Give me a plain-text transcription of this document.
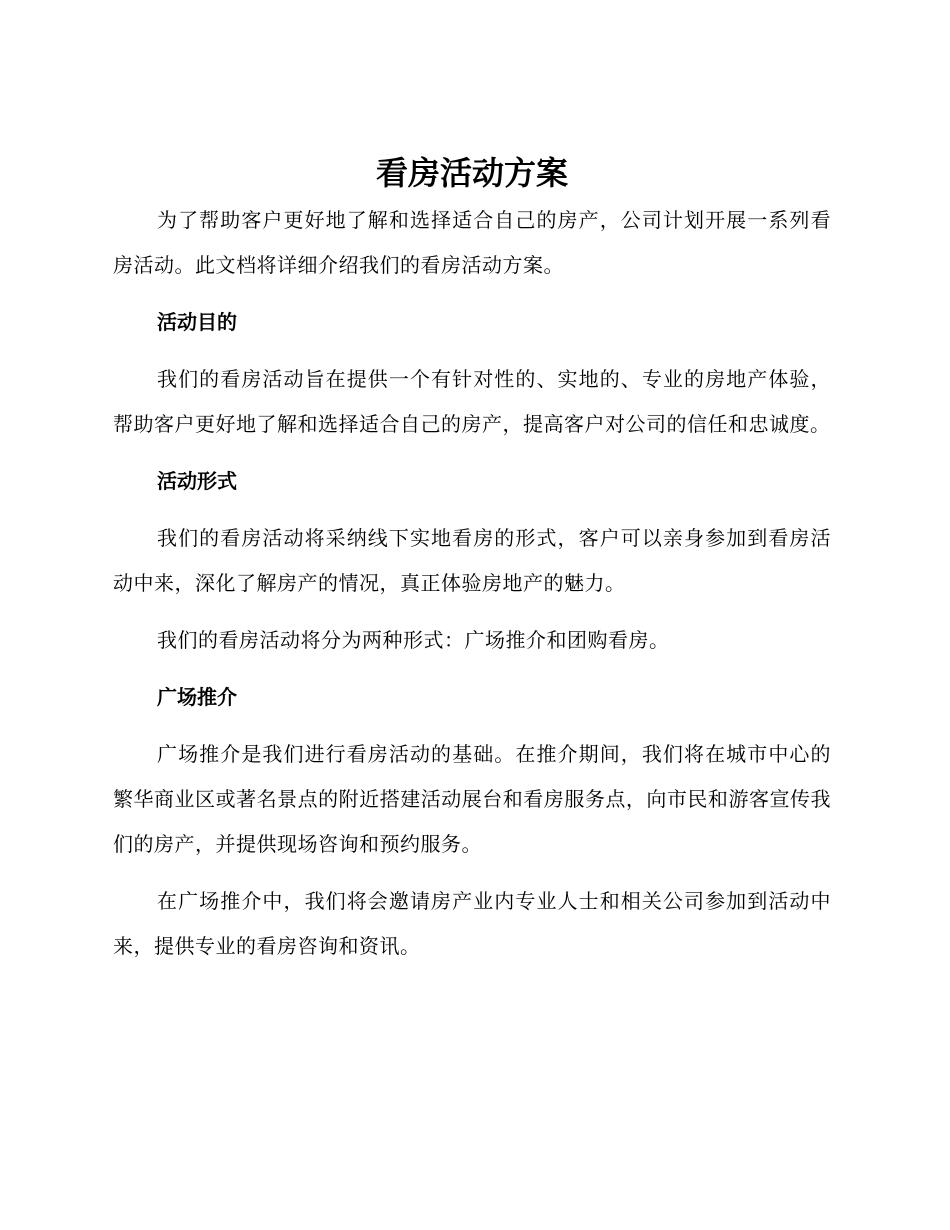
看房活动方案

为了帮助客户更好地了解和选择适合自己的房产，公司计划开展一系列看房活动。此文档将详细介绍我们的看房活动方案。

活动目的

我们的看房活动旨在提供一个有针对性的、实地的、专业的房地产体验，帮助客户更好地了解和选择适合自己的房产，提高客户对公司的信任和忠诚度。

活动形式

我们的看房活动将采纳线下实地看房的形式，客户可以亲身参加到看房活动中来，深化了解房产的情况，真正体验房地产的魅力。

我们的看房活动将分为两种形式：广场推介和团购看房。

广场推介

广场推介是我们进行看房活动的基础。在推介期间，我们将在城市中心的繁华商业区或著名景点的附近搭建活动展台和看房服务点，向市民和游客宣传我们的房产，并提供现场咨询和预约服务。

在广场推介中，我们将会邀请房产业内专业人士和相关公司参加到活动中来，提供专业的看房咨询和资讯。
